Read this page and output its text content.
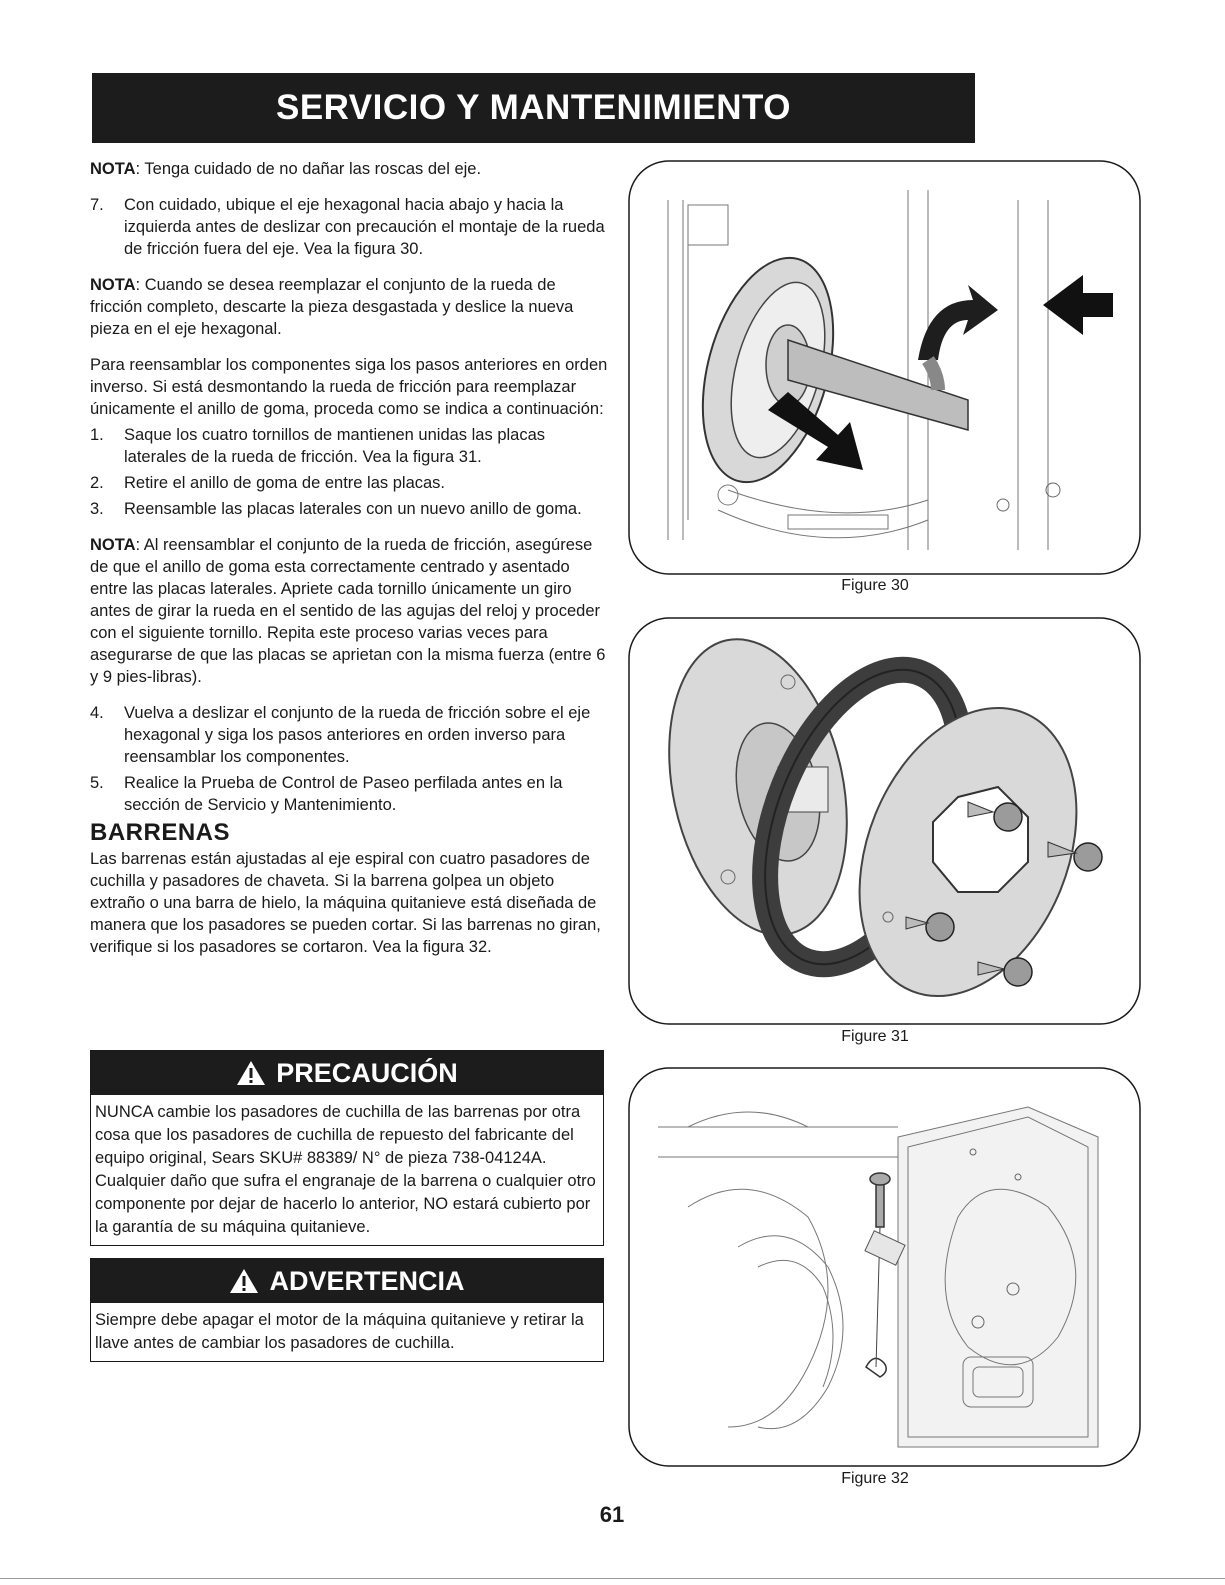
SERVICIO Y MANTENIMIENTO

NOTA: Tenga cuidado de no dañar las roscas del eje.

7.	Con cuidado, ubique el eje hexagonal hacia abajo y hacia la izquierda antes de deslizar con precaución el montaje de la rueda de fricción fuera del eje. Vea la figura 30.

NOTA: Cuando se desea reemplazar el conjunto de la rueda de fricción completo, descarte la pieza desgastada y deslice la nueva pieza en el eje hexagonal.

Para reensamblar los componentes siga los pasos anteriores en orden inverso. Si está desmontando la rueda de fricción para reemplazar únicamente el anillo de goma, proceda como se indica a continuación:

1.	Saque los cuatro tornillos de mantienen unidas las placas laterales de la rueda de fricción. Vea la figura 31.
2.	Retire el anillo de goma de entre las placas.
3.	Reensamble las placas laterales con un nuevo anillo de goma.

NOTA: Al reensamblar el conjunto de la rueda de fricción, asegúrese de que el anillo de goma esta correctamente centrado y asentado entre las placas laterales. Apriete cada tornillo únicamente un giro antes de girar la rueda en el sentido de las agujas del reloj y proceder con el siguiente tornillo. Repita este proceso varias veces para asegurarse de que las placas se aprietan con la misma fuerza (entre 6 y 9 pies-libras).

4.	Vuelva a deslizar el conjunto de la rueda de fricción sobre el eje hexagonal y siga los pasos anteriores en orden inverso para reensamblar los componentes.
5.	Realice la Prueba de Control de Paseo perfilada antes en la sección de Servicio y Mantenimiento.
BARRENAS

Las barrenas están ajustadas al eje espiral con cuatro pasadores de cuchilla y pasadores de chaveta. Si la barrena golpea un objeto extraño o una barra de hielo, la máquina quitanieve está diseñada de manera que los pasadores se pueden cortar. Si las barrenas no giran, verifique si los pasadores se cortaron. Vea la figura 32.

PRECAUCIÓN
NUNCA cambie los pasadores de cuchilla de las barrenas por otra cosa que los pasadores de cuchilla de repuesto del fabricante del equipo original, Sears SKU# 88389/ N° de pieza 738-04124A. Cualquier daño que sufra el engranaje de la barrena o cualquier otro componente por dejar de hacerlo lo anterior, NO estará cubierto por la garantía de su máquina quitanieve.
ADVERTENCIA
Siempre debe apagar el motor de la máquina quitanieve y retirar la llave antes de cambiar los pasadores de cuchilla.
Figure 30
Figure 31
Figure 32
61
